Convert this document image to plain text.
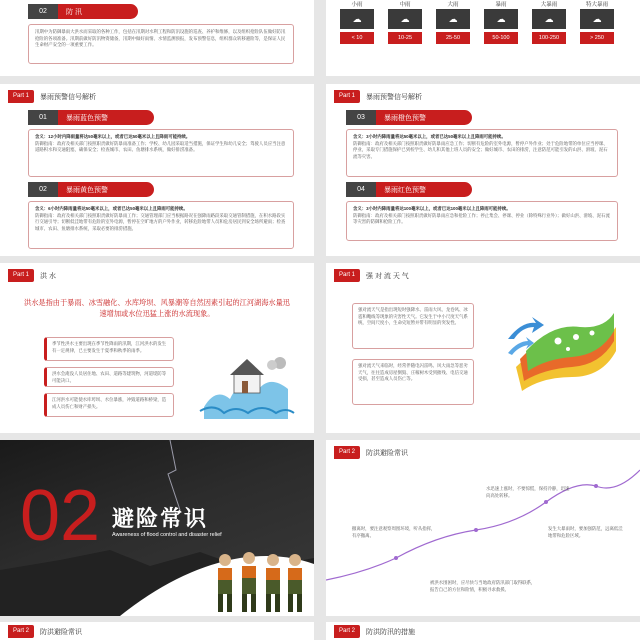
02	防 汛
汛期中为防御暴雨大洪水而采取的各种工作，包括在汛期对水利工程和防汛设施的巡查、养护和维修，以及组织抢险队伍做好防汛抢险的各项准备。汛期前做好防汛物资储备，汛期中做好雨情、水情监测预报，发布预警信息，组织群众转移避险等，是保证人民生命财产安全的一项重要工作。
小雨
☁
< 10
中雨
☁
10-25
大雨
☁
25-50
暴雨
☁
50-100
大暴雨
☁
100-250
特大暴雨
☁
> 250
Part 1	暴雨预警信号解析
01	暴雨蓝色预警
含义：12小时内降雨量将达50毫米以上，或者已达50毫米以上且降雨可能持续。
防御指南：政府及相关部门按照职责做好防暴雨准备工作；学校、幼儿园采取适当措施，保证学生和幼儿安全；驾驶人员应当注意道路积水和交通阻塞，确保安全；检查城市、农田、鱼塘排水系统，做好排涝准备。
02	暴雨黄色预警
含义：6小时内降雨量将达50毫米以上，或者已达50毫米以上且降雨可能持续。
防御指南：政府及相关部门按照职责做好防暴雨工作；交通管理部门应当根据路况在强降雨路段采取交通管制措施，在积水路段实行交通引导；切断低洼地带有危险的室外电源，暂停在空旷地方的户外作业，转移危险地带人员和危房居民到安全场所避雨；检查城市、农田、鱼塘排水系统，采取必要的排涝措施。
Part 1	暴雨预警信号解析
03	暴雨橙色预警
含义：3小时内降雨量将达50毫米以上，或者已达50毫米以上且降雨可能持续。
防御指南：政府及相关部门按照职责做好防暴雨应急工作；切断有危险的室外电源，暂停户外作业；处于危险地带的单位应当停课、停业，采取专门措施保护已到校学生、幼儿和其他上班人员的安全；做好城市、农田的排涝，注意防范可能引发的山洪、滑坡、泥石流等灾害。
04	暴雨红色预警
含义：3小时内降雨量将达100毫米以上，或者已达100毫米以上且降雨可能持续。
防御指南：政府及相关部门按照职责做好防暴雨应急和抢险工作；停止集会、停课、停业（除特殊行业外）；做好山洪、滑坡、泥石流等灾害的防御和抢险工作。
Part 1	洪 水
洪水是指由于暴雨、冰雪融化、水库垮坝、风暴潮等自然因素引起的江河湖海水量迅速增加或水位迅猛上涨的水流现象。
季节性洪水主要出现在季节性降雨的汛期，江河洪水的发生有一定规律，已主要发生于夏季和秋季的雨季。
洪水会淹没人员居住地、农田、道路等建筑物，河道堤防等可能决口。
江河洪水可能使水库垮坝、水位暴涨，冲毁道路和桥梁，造成人员伤亡和财产损失。
Part 1	强 对 流 天 气
强对流天气是指出现短时强降水、雷雨大风、龙卷风、冰雹和飑线等现象的灾害性天气。它发生于中小尺度天气系统，空间尺度小，生命史短暂并带有明显的突发性。
强对流天气来临时，经常伴随电闪雷鸣、风大雨急等恶劣天气，往往造成房屋倒毁、庄稼树木受到摧残、电信交通受损，甚至造成人员伤亡等。
02 避险常识
Awareness of flood control and disaster relief
Part 2	防洪避险常识
水迅速上涨时，不要惊慌，保持冷静，迅速向高处转移。
撤离时，要注意观察周围环境，听从指挥，有序撤离。
发生大暴雨时，要加强防范，远离低洼地带和危险区域。
被洪水围困时，应尽快与当地政府防汛部门取得联系，报告自己的方位和险情，积极寻求救援。
Part 2	防洪避险常识	Part 2	防洪防汛的措施
